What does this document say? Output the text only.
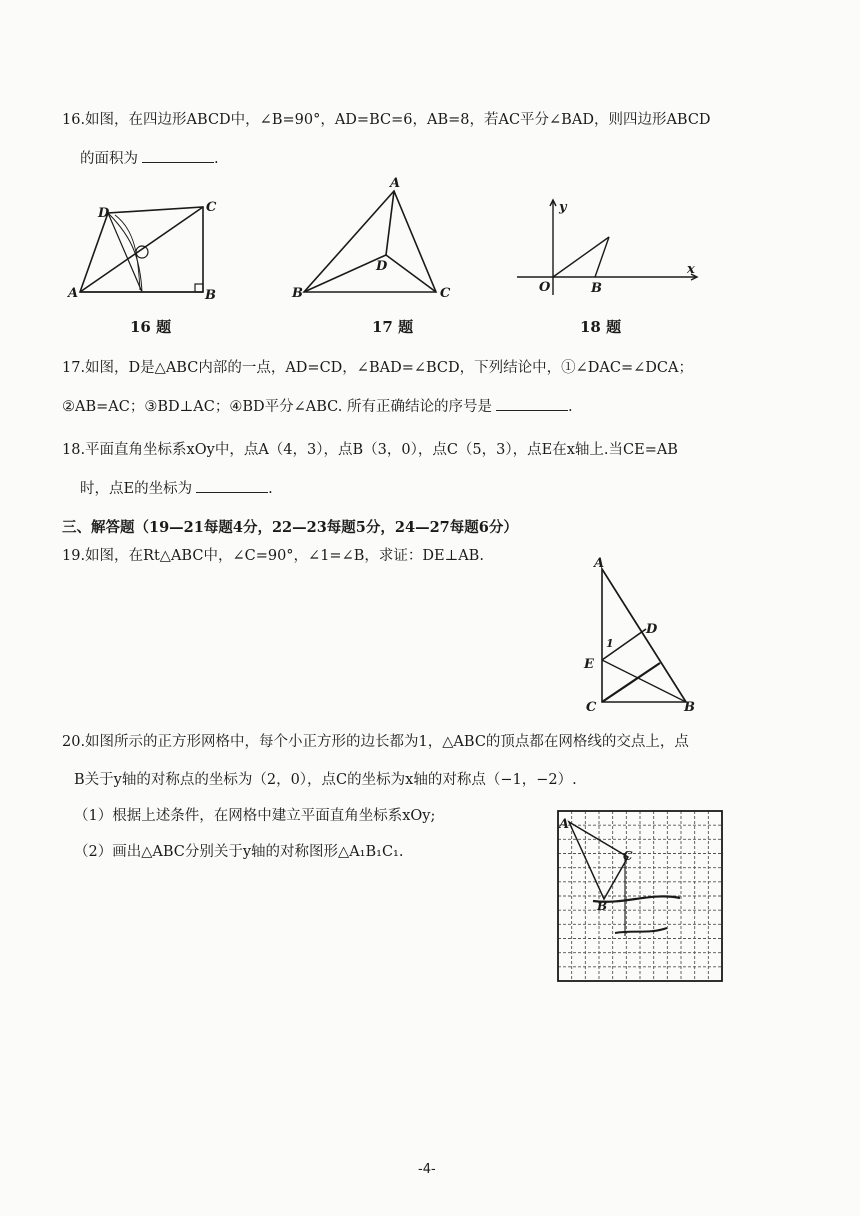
16.如图，在四边形ABCD中，∠B=90°，AD=BC=6，AB=8，若AC平分∠BAD，则四边形ABCD
的面积为	.
D	C
A	B
16 题
A
D
B	C
17 题
y
x
O	B
18 题
17.如图，D是△ABC内部的一点，AD=CD，∠BAD=∠BCD，下列结论中，①∠DAC=∠DCA；
②AB=AC；③BD⊥AC；④BD平分∠ABC. 所有正确结论的序号是	.
18.平面直角坐标系xOy中，点A（4，3），点B（3，0），点C（5，3），点E在x轴上.当CE=AB
时，点E的坐标为	.
三、解答题（19—21每题4分，22—23每题5分，24—27每题6分）
19.如图，在Rt△ABC中，∠C=90°，∠1=∠B，求证：DE⊥AB.	A
D
1
E
C	B
20.如图所示的正方形网格中，每个小正方形的边长都为1，△ABC的顶点都在网格线的交点上，点
B关于y轴的对称点的坐标为（2，0），点C的坐标为x轴的对称点（−1，−2）.
（1）根据上述条件，在网格中建立平面直角坐标系xOy;
（2）画出△ABC分别关于y轴的对称图形△A₁B₁C₁.
A
C
B
-4-
